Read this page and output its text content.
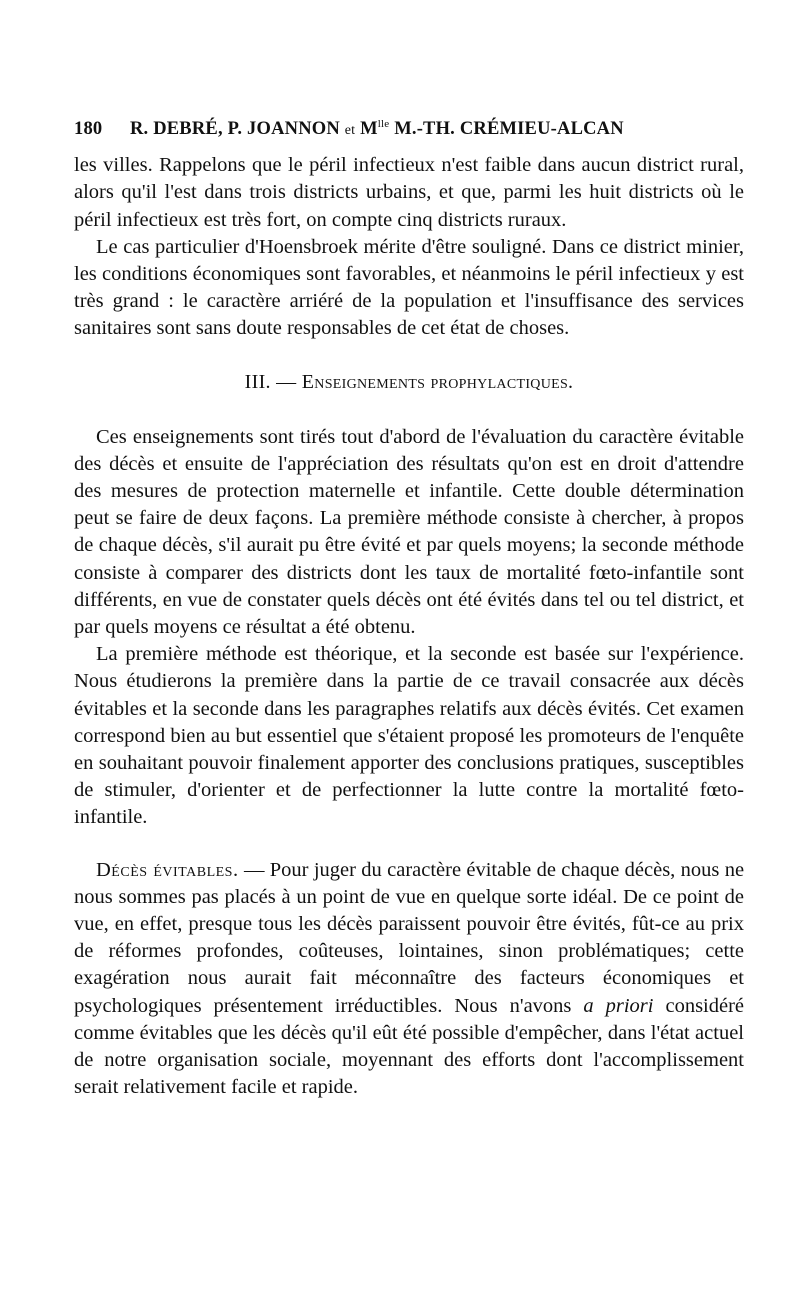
180	R. DEBRÉ, P. JOANNON et $M^{lle}$ M.-TH. CRÉMIEU-ALCAN

les villes. Rappelons que le péril infectieux n'est faible dans aucun district rural, alors qu'il l'est dans trois districts urbains, et que, parmi les huit districts où le péril infectieux est très fort, on compte cinq districts ruraux.

Le cas particulier d'Hoensbroek mérite d'être souligné. Dans ce district minier, les conditions économiques sont favorables, et néanmoins le péril infectieux y est très grand : le caractère arriéré de la population et l'insuffisance des services sanitaires sont sans doute responsables de cet état de choses.

III. — Enseignements prophylactiques.

Ces enseignements sont tirés tout d'abord de l'évaluation du caractère évitable des décès et ensuite de l'appréciation des résultats qu'on est en droit d'attendre des mesures de protection maternelle et infantile. Cette double détermination peut se faire de deux façons. La première méthode consiste à chercher, à propos de chaque décès, s'il aurait pu être évité et par quels moyens; la seconde méthode consiste à comparer des districts dont les taux de mortalité fœto-infantile sont différents, en vue de constater quels décès ont été évités dans tel ou tel district, et par quels moyens ce résultat a été obtenu.

La première méthode est théorique, et la seconde est basée sur l'expérience. Nous étudierons la première dans la partie de ce travail consacrée aux décès évitables et la seconde dans les paragraphes relatifs aux décès évités. Cet examen correspond bien au but essentiel que s'étaient proposé les promoteurs de l'enquête en souhaitant pouvoir finalement apporter des conclusions pratiques, susceptibles de stimuler, d'orienter et de perfectionner la lutte contre la mortalité fœto-infantile.

Décès évitables. — Pour juger du caractère évitable de chaque décès, nous ne nous sommes pas placés à un point de vue en quelque sorte idéal. De ce point de vue, en effet, presque tous les décès paraissent pouvoir être évités, fût-ce au prix de réformes profondes, coûteuses, lointaines, sinon problématiques; cette exagération nous aurait fait méconnaître des facteurs économiques et psychologiques présentement irréductibles. Nous n'avons a priori considéré comme évitables que les décès qu'il eût été possible d'empêcher, dans l'état actuel de notre organisation sociale, moyennant des efforts dont l'accomplissement serait relativement facile et rapide.
